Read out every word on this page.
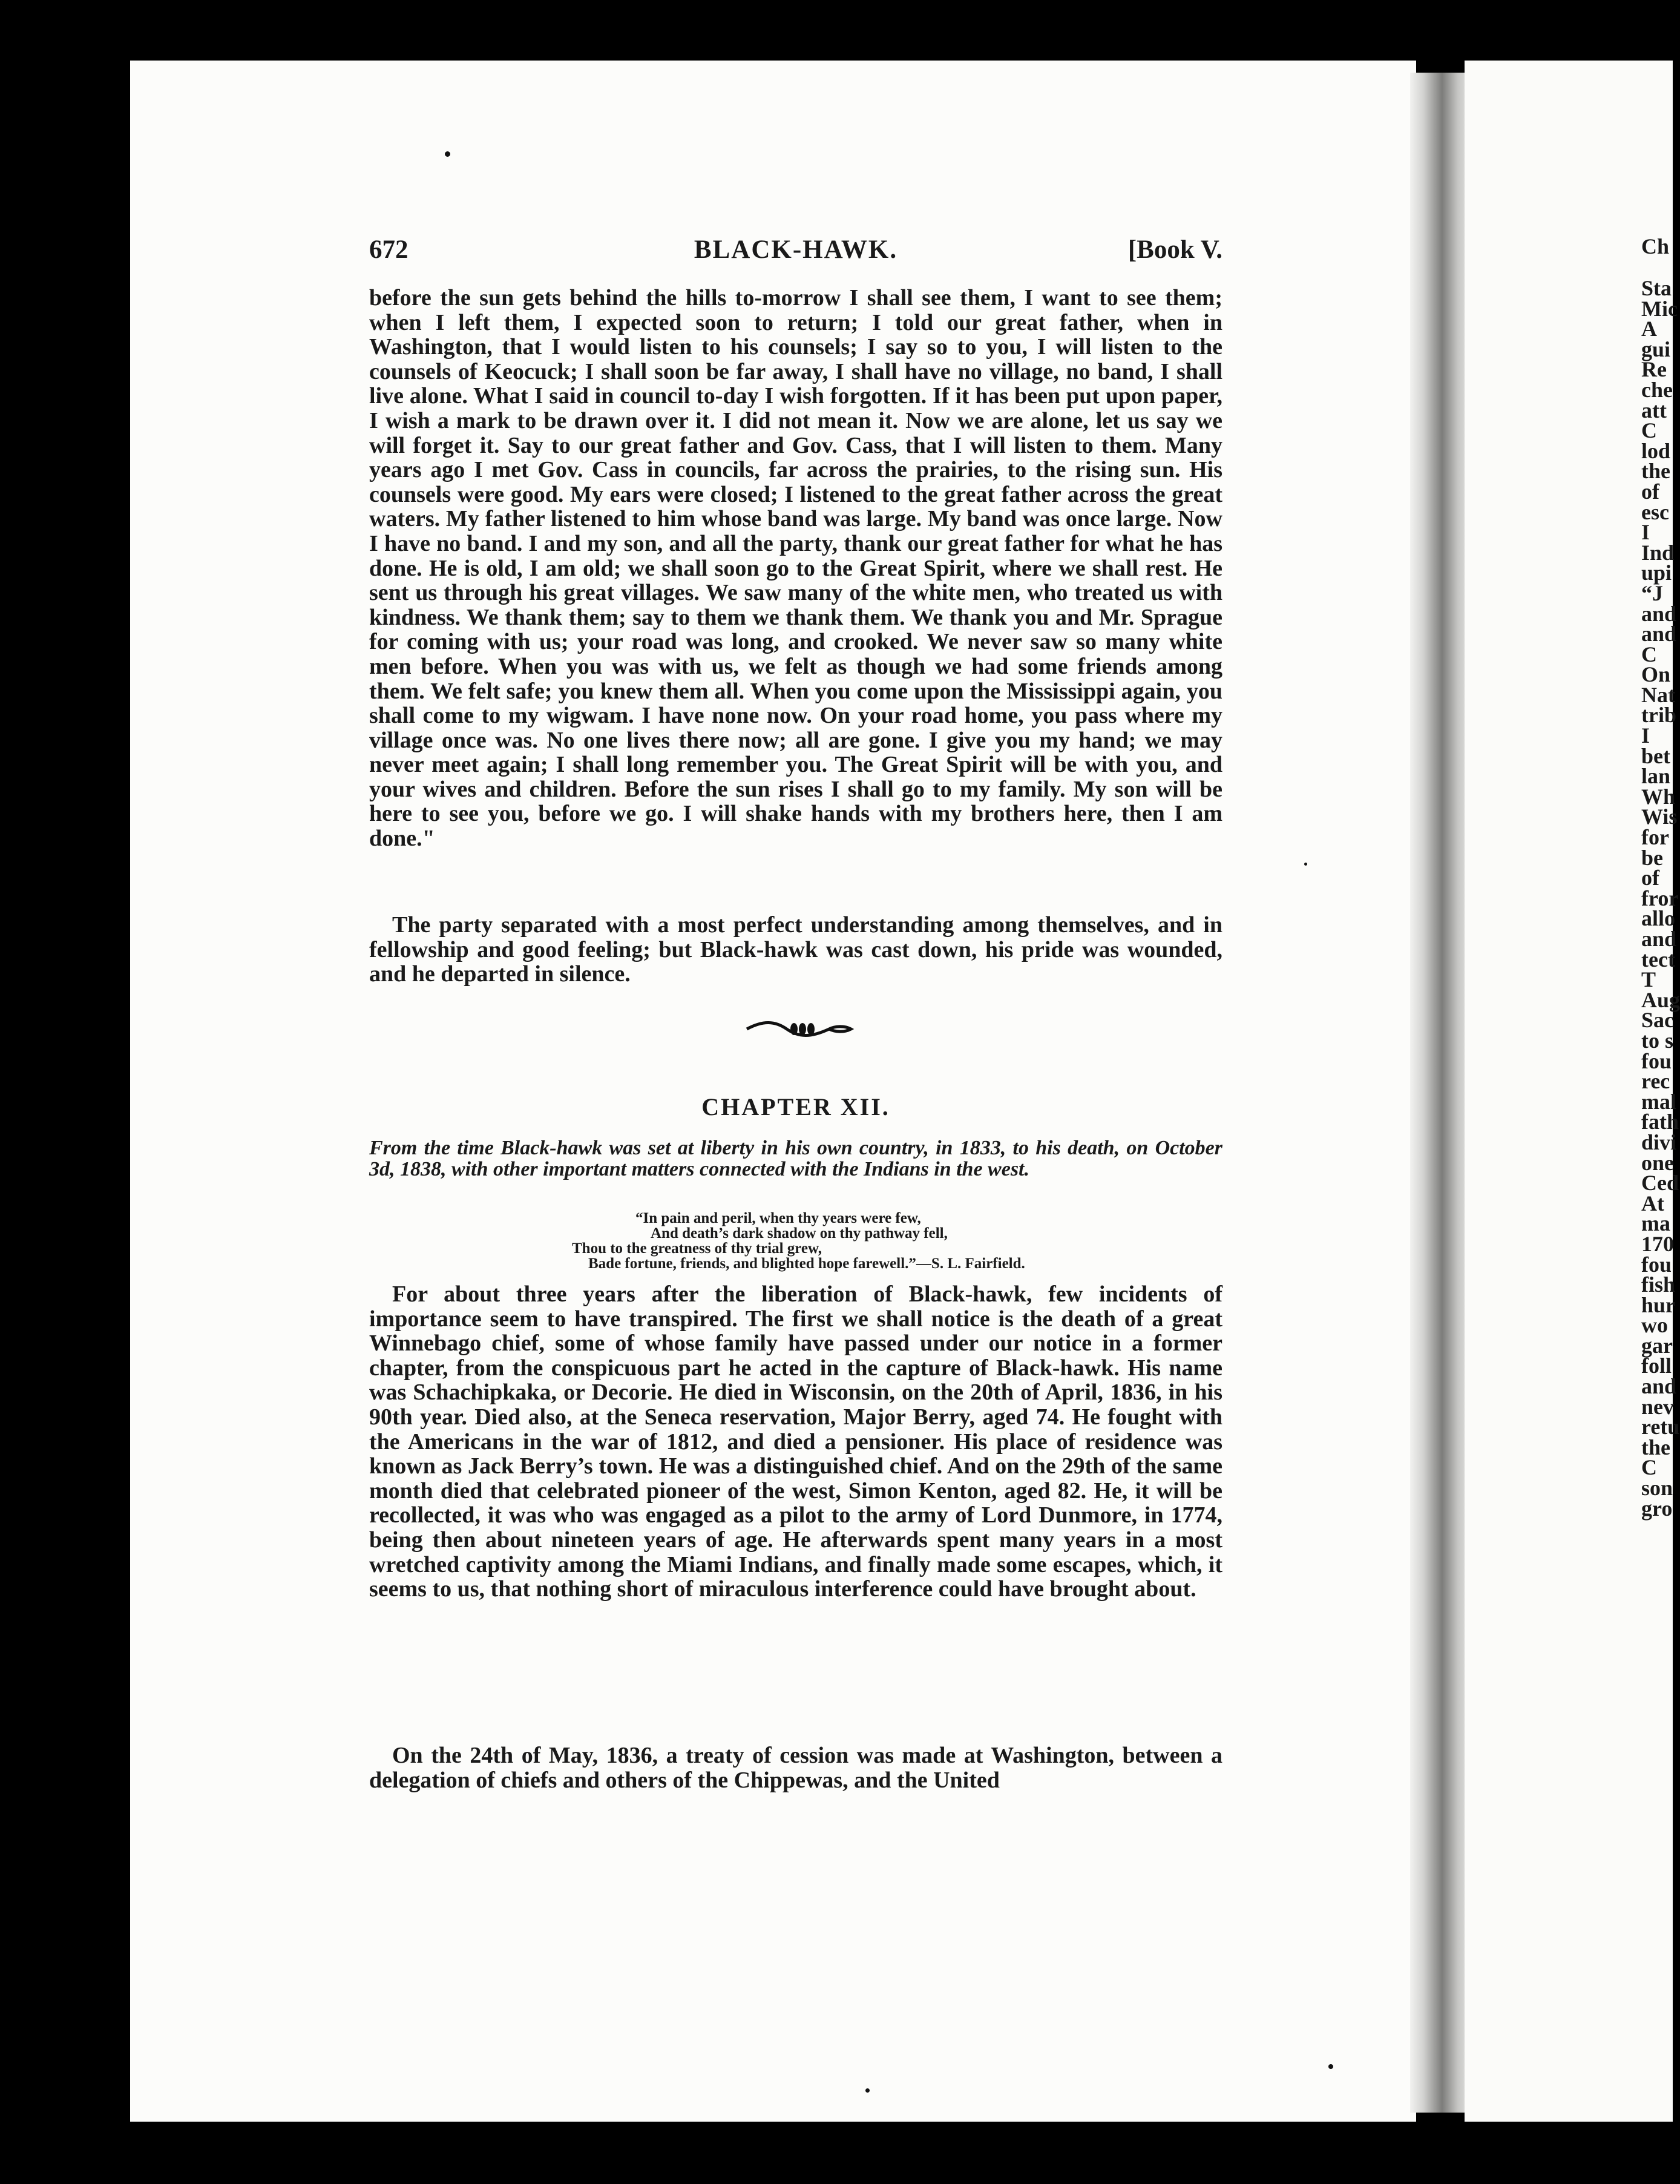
672	BLACK-HAWK.	[Book V.

before the sun gets behind the hills to-morrow I shall see them, I want to see them; when I left them, I expected soon to return; I told our great father, when in Washington, that I would listen to his counsels; I say so to you, I will listen to the counsels of Keocuck; I shall soon be far away, I shall have no village, no band, I shall live alone. What I said in council to-day I wish forgotten. If it has been put upon paper, I wish a mark to be drawn over it. I did not mean it. Now we are alone, let us say we will forget it. Say to our great father and Gov. Cass, that I will listen to them. Many years ago I met Gov. Cass in councils, far across the prairies, to the rising sun. His counsels were good. My ears were closed; I listened to the great father across the great waters. My father listened to him whose band was large. My band was once large. Now I have no band. I and my son, and all the party, thank our great father for what he has done. He is old, I am old; we shall soon go to the Great Spirit, where we shall rest. He sent us through his great villages. We saw many of the white men, who treated us with kindness. We thank them; say to them we thank them. We thank you and Mr. Sprague for coming with us; your road was long, and crooked. We never saw so many white men before. When you was with us, we felt as though we had some friends among them. We felt safe; you knew them all. When you come upon the Mississippi again, you shall come to my wigwam. I have none now. On your road home, you pass where my village once was. No one lives there now; all are gone. I give you my hand; we may never meet again; I shall long remember you. The Great Spirit will be with you, and your wives and children. Before the sun rises I shall go to my family. My son will be here to see you, before we go. I will shake hands with my brothers here, then I am done."

The party separated with a most perfect understanding among themselves, and in fellowship and good feeling; but Black-hawk was cast down, his pride was wounded, and he departed in silence.

CHAPTER XII.
From the time Black-hawk was set at liberty in his own country, in 1833, to his death, on October 3d, 1838, with other important matters connected with the Indians in the west.
“In pain and peril, when thy years were few,
And death’s dark shadow on thy pathway fell,
Thou to the greatness of thy trial grew,
Bade fortune, friends, and blighted hope farewell.”—S. L. Fairfield.

For about three years after the liberation of Black-hawk, few incidents of importance seem to have transpired. The first we shall notice is the death of a great Winnebago chief, some of whose family have passed under our notice in a former chapter, from the conspicuous part he acted in the capture of Black-hawk. His name was Schachipkaka, or Decorie. He died in Wisconsin, on the 20th of April, 1836, in his 90th year. Died also, at the Seneca reservation, Major Berry, aged 74. He fought with the Americans in the war of 1812, and died a pensioner. His place of residence was known as Jack Berry’s town. He was a distinguished chief. And on the 29th of the same month died that celebrated pioneer of the west, Simon Kenton, aged 82. He, it will be recollected, it was who was engaged as a pilot to the army of Lord Dunmore, in 1774, being then about nineteen years of age. He afterwards spent many years in a most wretched captivity among the Miami Indians, and finally made some escapes, which, it seems to us, that nothing short of miraculous interference could have brought about.

On the 24th of May, 1836, a treaty of cession was made at Washington, between a delegation of chiefs and others of the Chippewas, and the United

Ch
Sta
Mic
A
gui
Re
che
att
C
lod
the
of
esc
I
Ind
upi
“J
and
and
C
On
Nat
trib
I
bet
lan
Wh
Wis
for
be
of
fror
allo
and
tect
T
Aug
Sac
to s
fou
rec
mal
fath
divi
one
Ced
At
ma
170
fou
fish
hur
wo
gar
foll
and
nev
retu
the
C
son
gro
